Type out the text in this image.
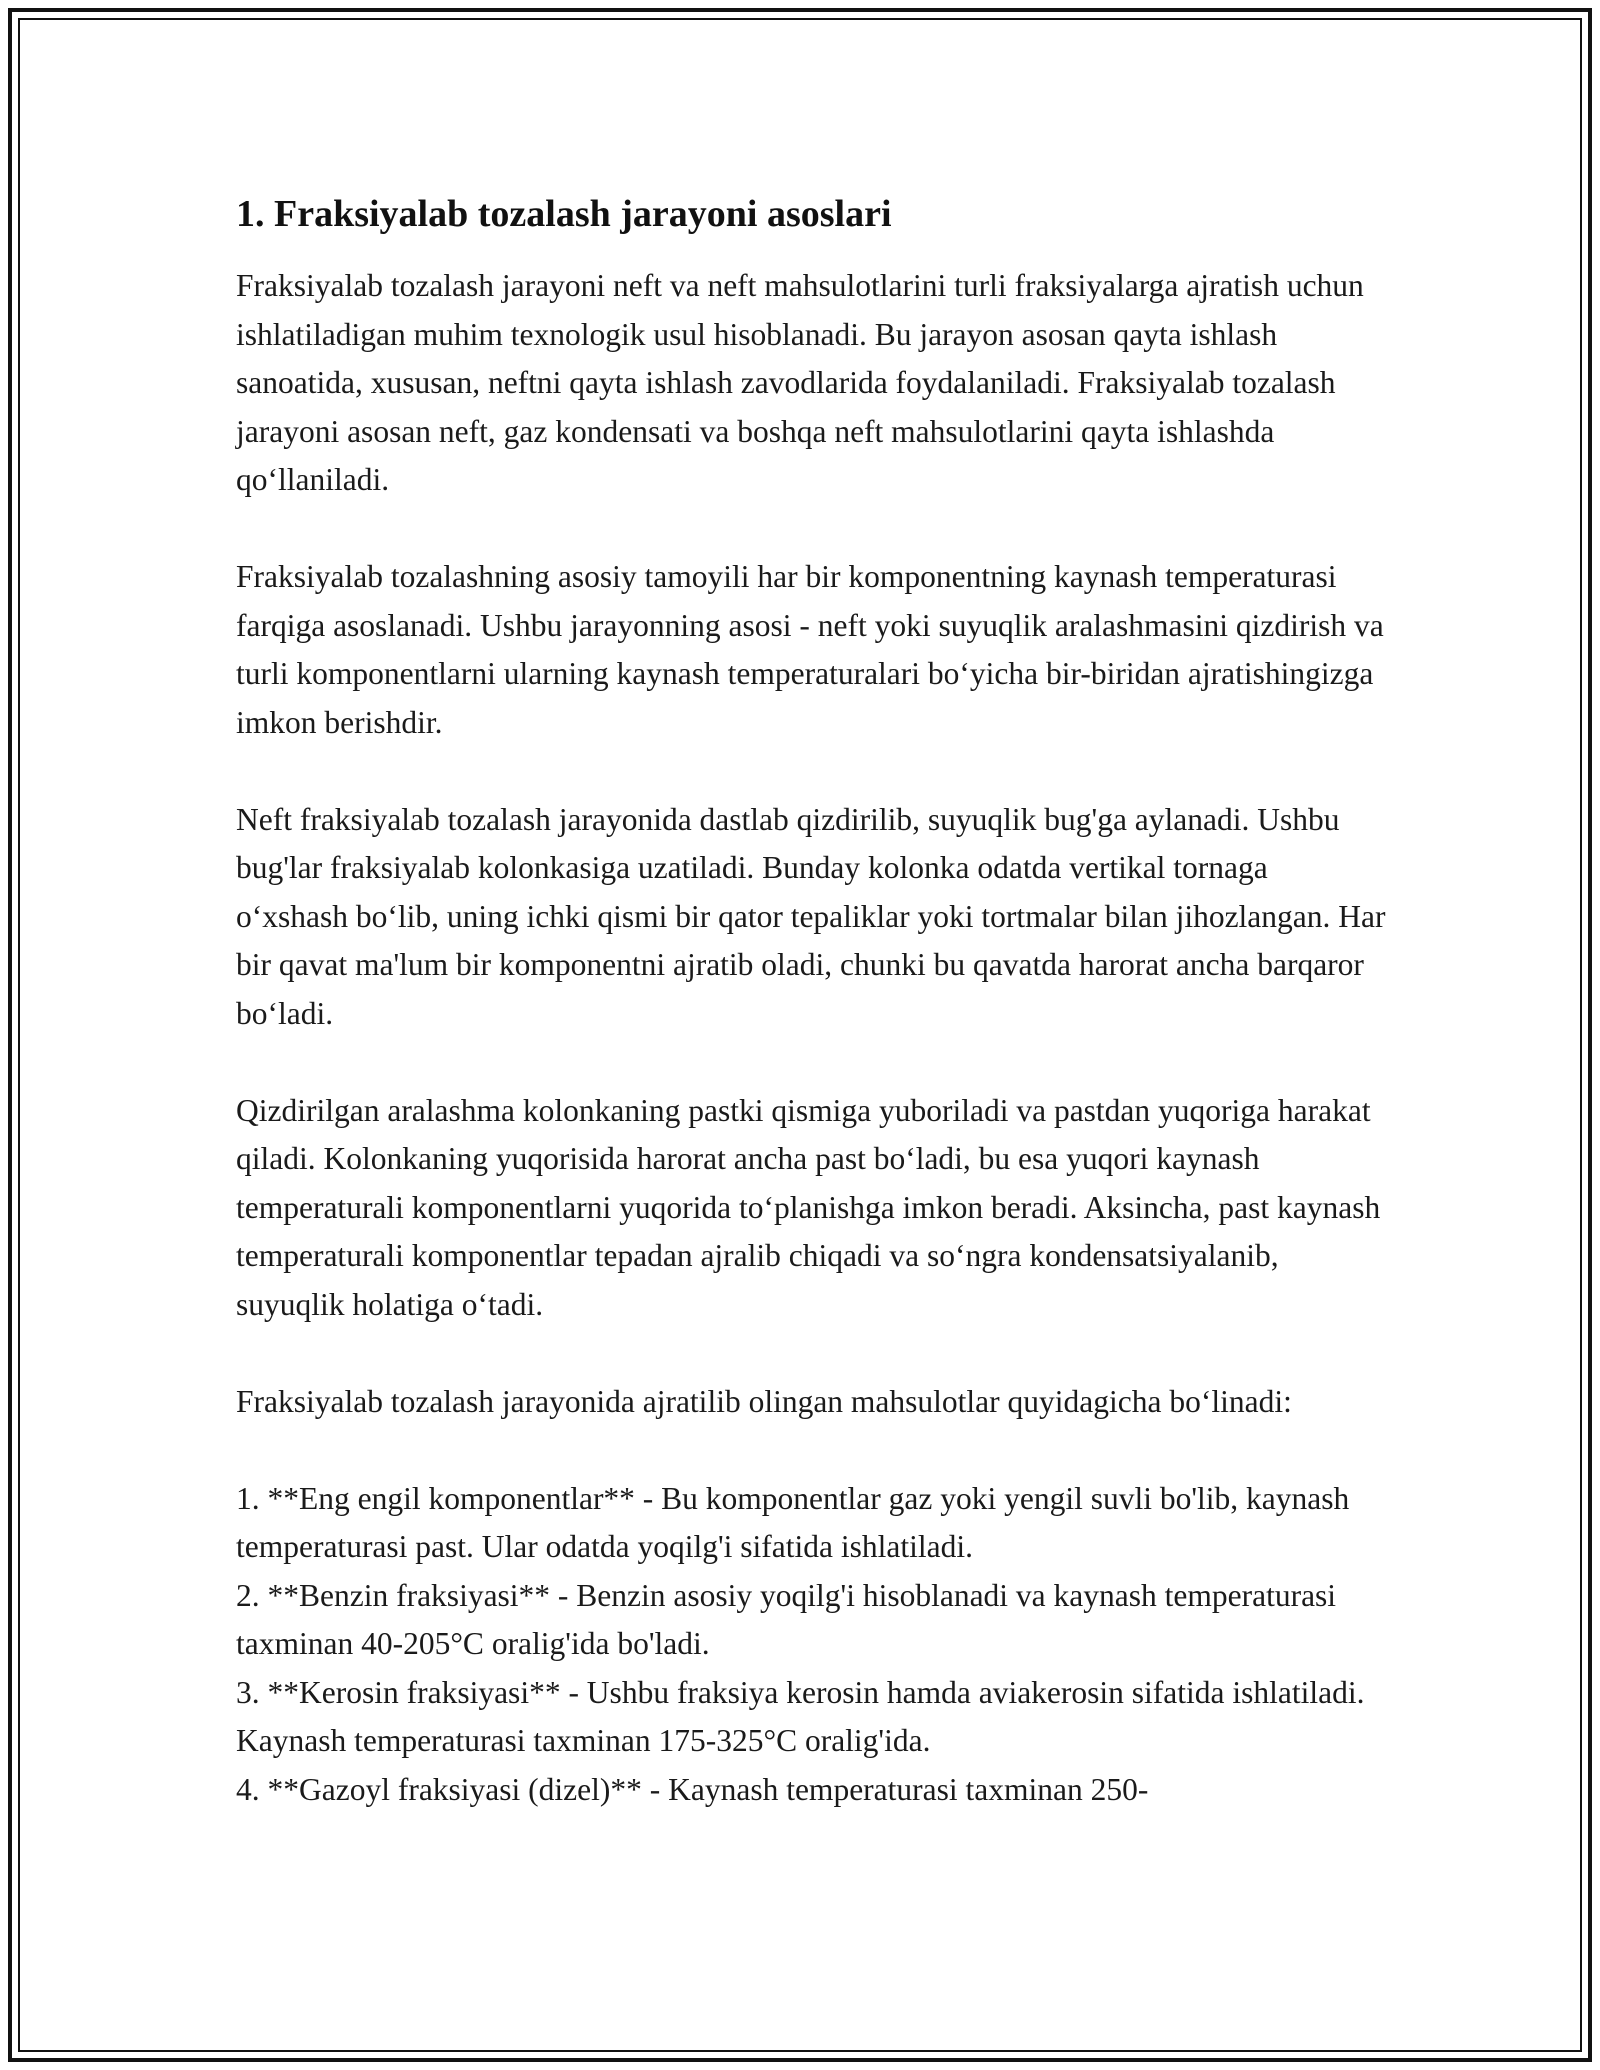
1. Fraksiyalab tozalash jarayoni asoslari

Fraksiyalab tozalash jarayoni neft va neft mahsulotlarini turli fraksiyalarga ajratish uchun ishlatiladigan muhim texnologik usul hisoblanadi. Bu jarayon asosan qayta ishlash sanoatida, xususan, neftni qayta ishlash zavodlarida foydalaniladi. Fraksiyalab tozalash jarayoni asosan neft, gaz kondensati va boshqa neft mahsulotlarini qayta ishlashda qoʻllaniladi.

Fraksiyalab tozalashning asosiy tamoyili har bir komponentning kaynash temperaturasi farqiga asoslanadi. Ushbu jarayonning asosi - neft yoki suyuqlik aralashmasini qizdirish va turli komponentlarni ularning kaynash temperaturalari boʻyicha bir-biridan ajratishingizga imkon berishdir.

Neft fraksiyalab tozalash jarayonida dastlab qizdirilib, suyuqlik bug'ga aylanadi. Ushbu bug'lar fraksiyalab kolonkasiga uzatiladi. Bunday kolonka odatda vertikal tornaga oʻxshash boʻlib, uning ichki qismi bir qator tepaliklar yoki tortmalar bilan jihozlangan. Har bir qavat ma'lum bir komponentni ajratib oladi, chunki bu qavatda harorat ancha barqaror boʻladi.

Qizdirilgan aralashma kolonkaning pastki qismiga yuboriladi va pastdan yuqoriga harakat qiladi. Kolonkaning yuqorisida harorat ancha past boʻladi, bu esa yuqori kaynash temperaturali komponentlarni yuqorida toʻplanishga imkon beradi. Aksincha, past kaynash temperaturali komponentlar tepadan ajralib chiqadi va soʻngra kondensatsiyalanib, suyuqlik holatiga oʻtadi.

Fraksiyalab tozalash jarayonida ajratilib olingan mahsulotlar quyidagicha boʻlinadi:

1. **Eng engil komponentlar** - Bu komponentlar gaz yoki yengil suvli bo'lib, kaynash temperaturasi past. Ular odatda yoqilg'i sifatida ishlatiladi.
2. **Benzin fraksiyasi** - Benzin asosiy yoqilg'i hisoblanadi va kaynash temperaturasi taxminan 40-205°C oralig'ida bo'ladi.
3. **Kerosin fraksiyasi** - Ushbu fraksiya kerosin hamda aviakerosin sifatida ishlatiladi. Kaynash temperaturasi taxminan 175-325°C oralig'ida.
4. **Gazoyl fraksiyasi (dizel)** - Kaynash temperaturasi taxminan 250-
